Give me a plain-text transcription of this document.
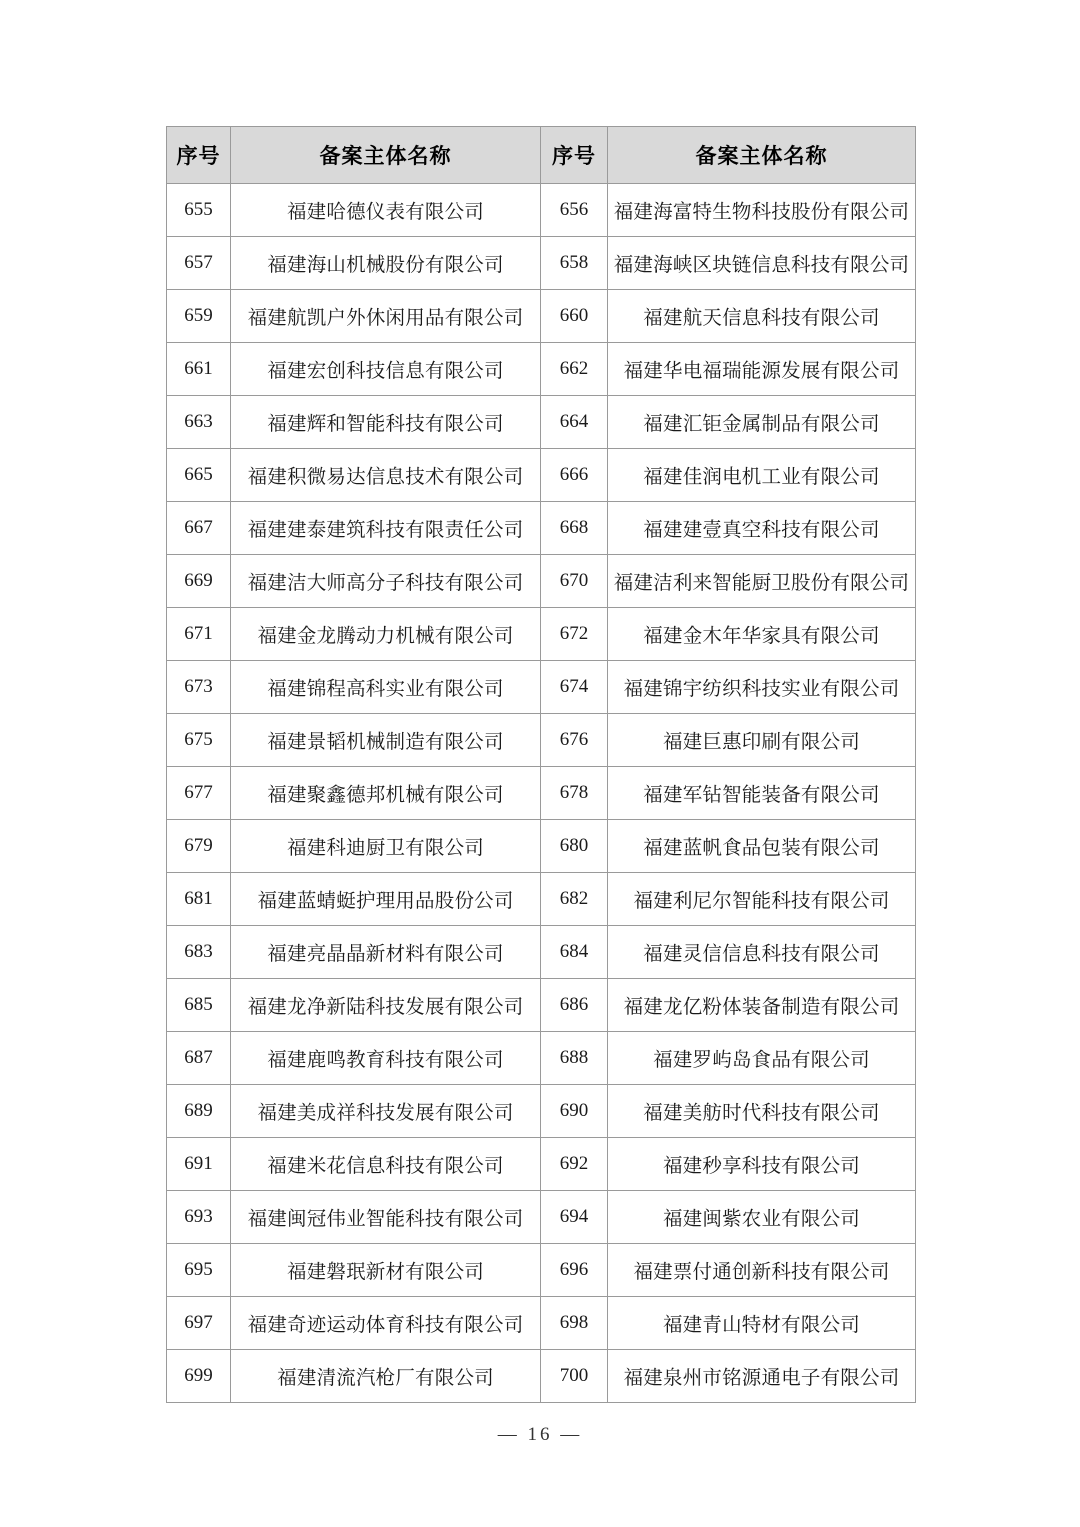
序号	备案主体名称	序号	备案主体名称
655	福建哈德仪表有限公司	656	福建海富特生物科技股份有限公司
657	福建海山机械股份有限公司	658	福建海峡区块链信息科技有限公司
659	福建航凯户外休闲用品有限公司	660	福建航天信息科技有限公司
661	福建宏创科技信息有限公司	662	福建华电福瑞能源发展有限公司
663	福建辉和智能科技有限公司	664	福建汇钜金属制品有限公司
665	福建积微易达信息技术有限公司	666	福建佳润电机工业有限公司
667	福建建泰建筑科技有限责任公司	668	福建建壹真空科技有限公司
669	福建洁大师高分子科技有限公司	670	福建洁利来智能厨卫股份有限公司
671	福建金龙腾动力机械有限公司	672	福建金木年华家具有限公司
673	福建锦程高科实业有限公司	674	福建锦宇纺织科技实业有限公司
675	福建景韬机械制造有限公司	676	福建巨惠印刷有限公司
677	福建聚鑫德邦机械有限公司	678	福建军钻智能装备有限公司
679	福建科迪厨卫有限公司	680	福建蓝帆食品包装有限公司
681	福建蓝蜻蜓护理用品股份公司	682	福建利尼尔智能科技有限公司
683	福建亮晶晶新材料有限公司	684	福建灵信信息科技有限公司
685	福建龙净新陆科技发展有限公司	686	福建龙亿粉体装备制造有限公司
687	福建鹿鸣教育科技有限公司	688	福建罗屿岛食品有限公司
689	福建美成祥科技发展有限公司	690	福建美舫时代科技有限公司
691	福建米花信息科技有限公司	692	福建秒享科技有限公司
693	福建闽冠伟业智能科技有限公司	694	福建闽紫农业有限公司
695	福建磐珉新材有限公司	696	福建票付通创新科技有限公司
697	福建奇迹运动体育科技有限公司	698	福建青山特材有限公司
699	福建清流汽枪厂有限公司	700	福建泉州市铭源通电子有限公司
— 16 —
